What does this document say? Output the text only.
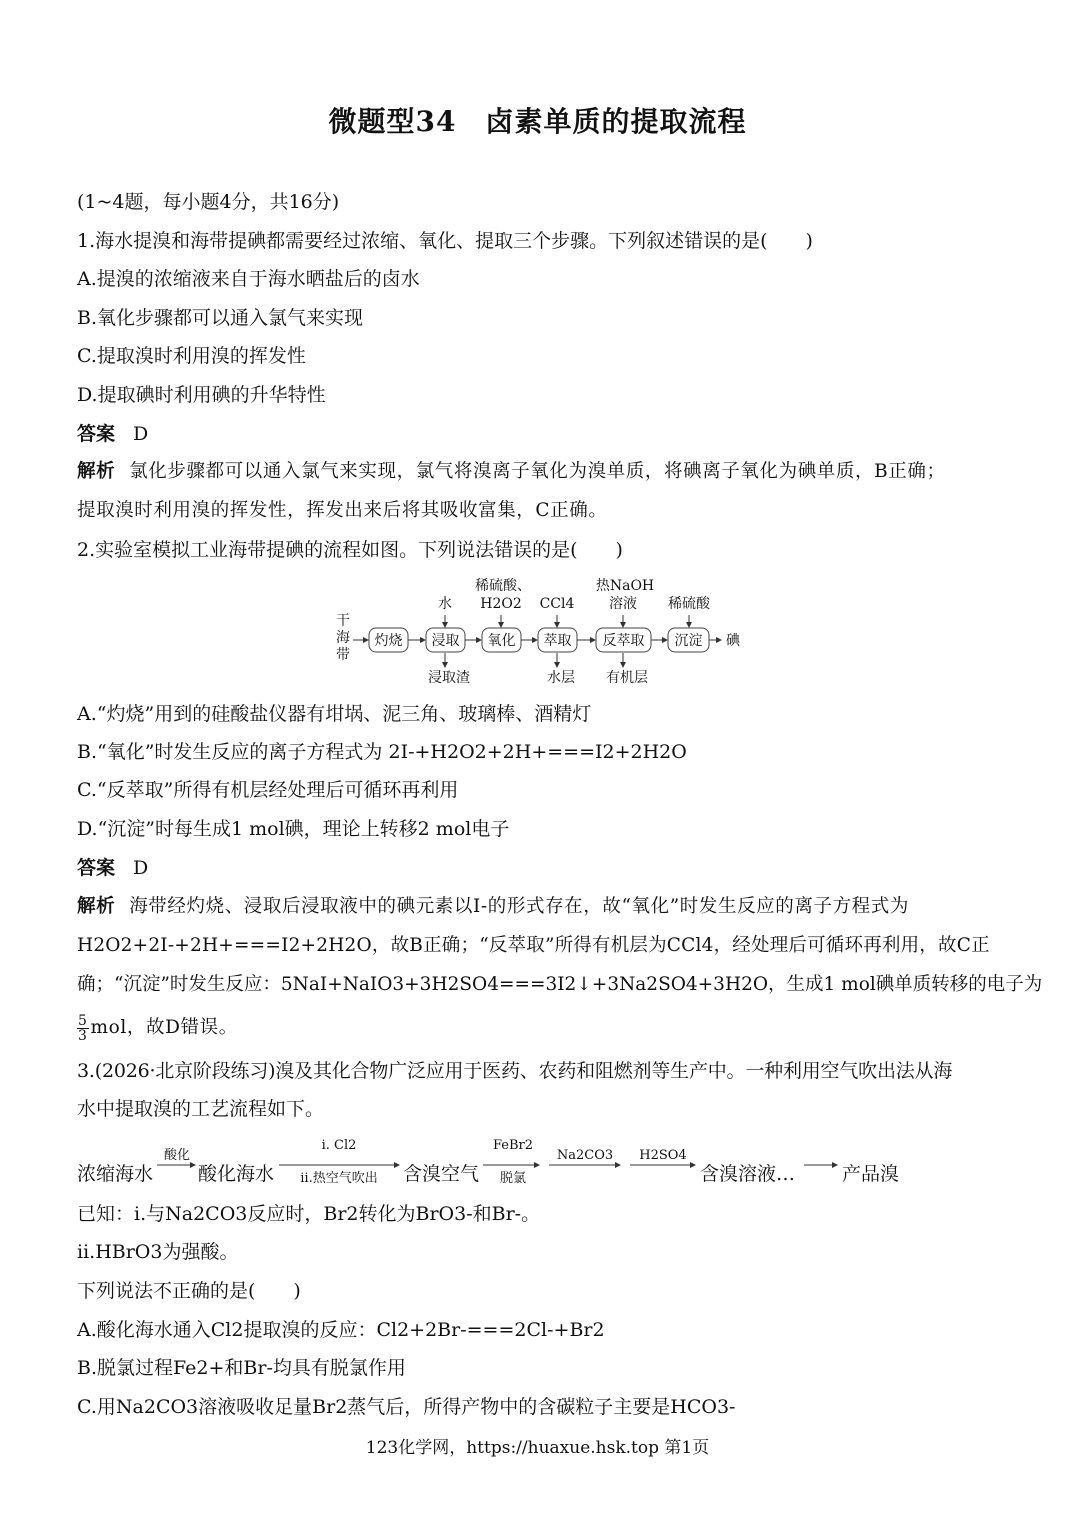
微题型34　卤素单质的提取流程
(1~4题，每小题4分，共16分)
1.海水提溴和海带提碘都需要经过浓缩、氧化、提取三个步骤。下列叙述错误的是(　　)
A.提溴的浓缩液来自于海水晒盐后的卤水
B.氧化步骤都可以通入氯气来实现
C.提取溴时利用溴的挥发性
D.提取碘时利用碘的升华特性
答案 D
解析 氯化步骤都可以通入氯气来实现，氯气将溴离子氧化为溴单质，将碘离子氧化为碘单质，B正确；
提取溴时利用溴的挥发性，挥发出来后将其吸收富集，C正确。
2.实验室模拟工业海带提碘的流程如图。下列说法错误的是(　　)
干
海
带
灼烧 浸取 氧化 萃取 反萃取 沉淀 碘
水
稀硫酸、
H2O2 CCl4
热NaOH
溶液 稀硫酸
浸取渣	水层 有机层
A.“灼烧”用到的硅酸盐仪器有坩埚、泥三角、玻璃棒、酒精灯
B.“氧化”时发生反应的离子方程式为 2I-+H2O2+2H+===I2+2H2O
C.“反萃取”所得有机层经处理后可循环再利用
D.“沉淀”时每生成1 mol碘，理论上转移2 mol电子
答案 D
解析 海带经灼烧、浸取后浸取液中的碘元素以I-的形式存在，故“氧化”时发生反应的离子方程式为
H2O2+2I-+2H+===I2+2H2O，故B正确；“反萃取”所得有机层为CCl4，经处理后可循环再利用，故C正
确；“沉淀”时发生反应：5NaI+NaIO3+3H2SO4===3I2↓+3Na2SO4+3H2O，生成1 mol碘单质转移的电子为
$\frac{5}{3}$ mol，故D错误。
3.(2026·北京阶段练习)溴及其化合物广泛应用于医药、农药和阻燃剂等生产中。一种利用空气吹出法从海
水中提取溴的工艺流程如下。
浓缩海水 酸化海水	含溴空气	含溴溶液… 产品溴
酸化
ⅰ. Cl2
ⅱ.热空气吹出
FeBr2
脱氯
Na2CO3 H2SO4
已知：ⅰ.与Na2CO3反应时，Br2转化为BrO3-和Br-。
ⅱ.HBrO3为强酸。
下列说法不正确的是(　　)
A.酸化海水通入Cl2提取溴的反应：Cl2+2Br-===2Cl-+Br2
B.脱氯过程Fe2+和Br-均具有脱氯作用
C.用Na2CO3溶液吸收足量Br2蒸气后，所得产物中的含碳粒子主要是HCO3-
123化学网，https://huaxue.hsk.top 第1页
